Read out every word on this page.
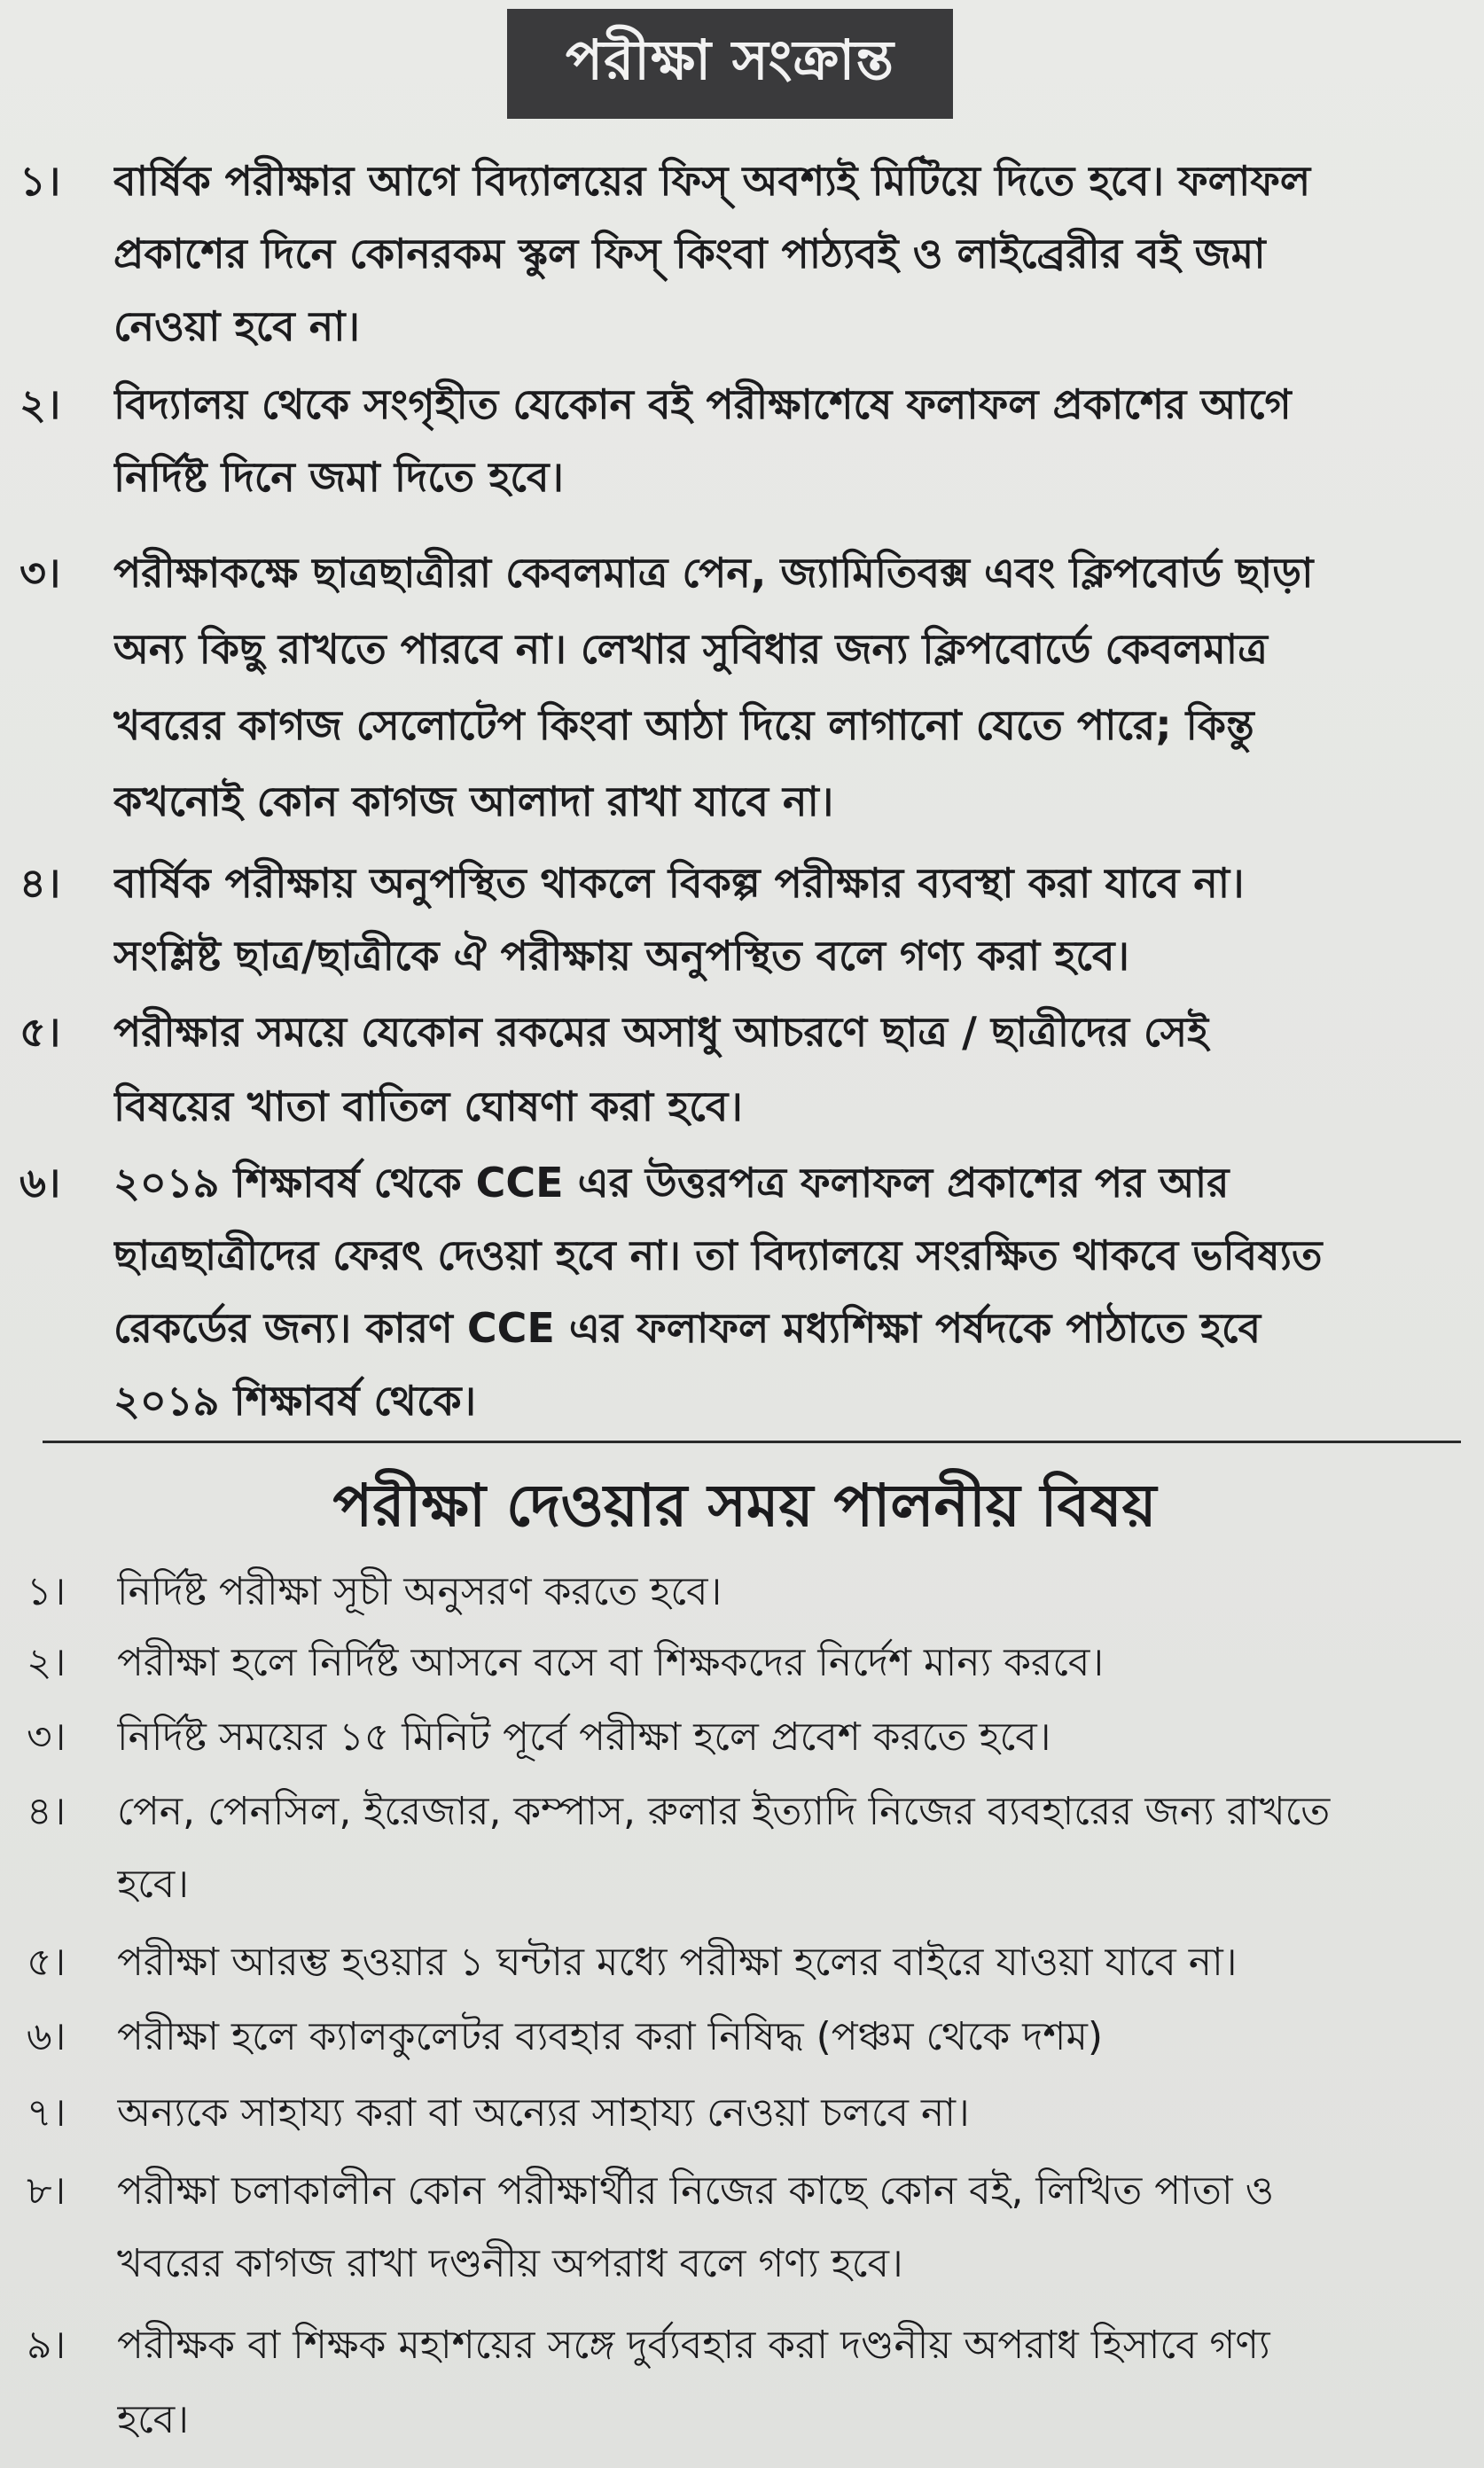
পরীক্ষা সংক্রান্ত
১। বার্ষিক পরীক্ষার আগে বিদ্যালয়ের ফিস্ অবশ্যই মিটিয়ে দিতে হবে। ফলাফল
প্রকাশের দিনে কোনরকম স্কুল ফিস্ কিংবা পাঠ্যবই ও লাইব্রেরীর বই জমা
নেওয়া হবে না।
২। বিদ্যালয় থেকে সংগৃহীত যেকোন বই পরীক্ষাশেষে ফলাফল প্রকাশের আগে
নির্দিষ্ট দিনে জমা দিতে হবে।
৩। পরীক্ষাকক্ষে ছাত্রছাত্রীরা কেবলমাত্র পেন, জ্যামিতিবক্স এবং ক্লিপবোর্ড ছাড়া
অন্য কিছু রাখতে পারবে না। লেখার সুবিধার জন্য ক্লিপবোর্ডে কেবলমাত্র
খবরের কাগজ সেলোটেপ কিংবা আঠা দিয়ে লাগানো যেতে পারে; কিন্তু
কখনোই কোন কাগজ আলাদা রাখা যাবে না।
৪। বার্ষিক পরীক্ষায় অনুপস্থিত থাকলে বিকল্প পরীক্ষার ব্যবস্থা করা যাবে না।
সংশ্লিষ্ট ছাত্র/ছাত্রীকে ঐ পরীক্ষায় অনুপস্থিত বলে গণ্য করা হবে।
৫। পরীক্ষার সময়ে যেকোন রকমের অসাধু আচরণে ছাত্র / ছাত্রীদের সেই
বিষয়ের খাতা বাতিল ঘোষণা করা হবে।
৬। ২০১৯ শিক্ষাবর্ষ থেকে CCE এর উত্তরপত্র ফলাফল প্রকাশের পর আর
ছাত্রছাত্রীদের ফেরৎ দেওয়া হবে না। তা বিদ্যালয়ে সংরক্ষিত থাকবে ভবিষ্যত
রেকর্ডের জন্য। কারণ CCE এর ফলাফল মধ্যশিক্ষা পর্ষদকে পাঠাতে হবে
২০১৯ শিক্ষাবর্ষ থেকে।
পরীক্ষা দেওয়ার সময় পালনীয় বিষয়
১। নির্দিষ্ট পরীক্ষা সূচী অনুসরণ করতে হবে।
২। পরীক্ষা হলে নির্দিষ্ট আসনে বসে বা শিক্ষকদের নির্দেশ মান্য করবে।
৩। নির্দিষ্ট সময়ের ১৫ মিনিট পূর্বে পরীক্ষা হলে প্রবেশ করতে হবে।
৪। পেন, পেনসিল, ইরেজার, কম্পাস, রুলার ইত্যাদি নিজের ব্যবহারের জন্য রাখতে
হবে।
৫। পরীক্ষা আরম্ভ হওয়ার ১ ঘন্টার মধ্যে পরীক্ষা হলের বাইরে যাওয়া যাবে না।
৬। পরীক্ষা হলে ক্যালকুলেটর ব্যবহার করা নিষিদ্ধ (পঞ্চম থেকে দশম)
৭। অন্যকে সাহায্য করা বা অন্যের সাহায্য নেওয়া চলবে না।
৮। পরীক্ষা চলাকালীন কোন পরীক্ষার্থীর নিজের কাছে কোন বই, লিখিত পাতা ও
খবরের কাগজ রাখা দণ্ডনীয় অপরাধ বলে গণ্য হবে।
৯। পরীক্ষক বা শিক্ষক মহাশয়ের সঙ্গে দুর্ব্যবহার করা দণ্ডনীয় অপরাধ হিসাবে গণ্য
হবে।
